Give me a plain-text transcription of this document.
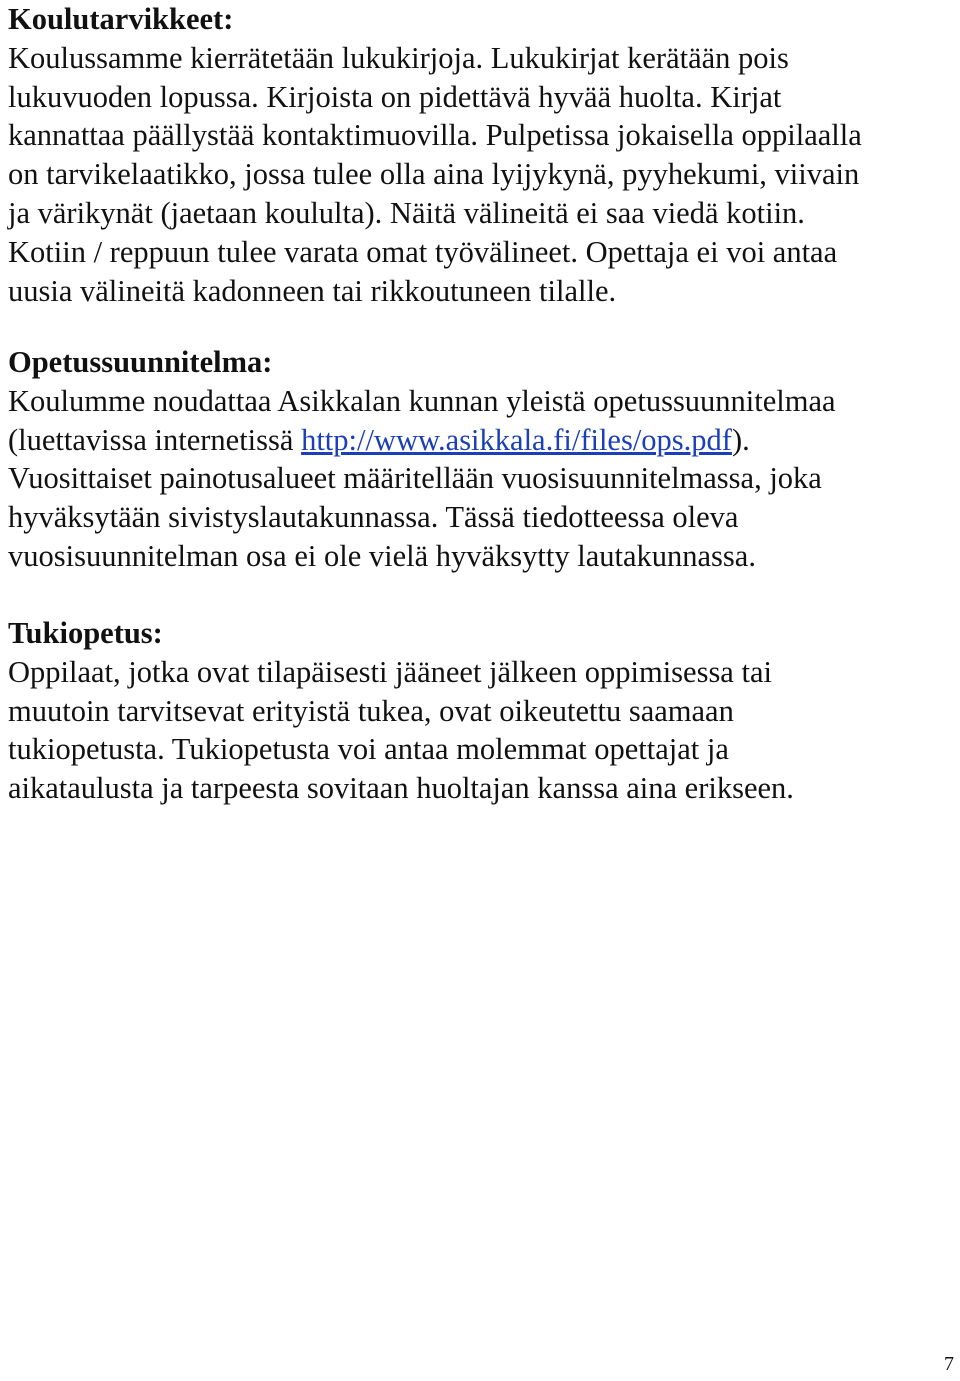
Koulutarvikkeet:
Koulussamme kierrätetään lukukirjoja. Lukukirjat kerätään pois
lukuvuoden lopussa. Kirjoista on pidettävä hyvää huolta. Kirjat
kannattaa päällystää kontaktimuovilla. Pulpetissa jokaisella oppilaalla
on tarvikelaatikko, jossa tulee olla aina lyijykynä, pyyhekumi, viivain
ja värikynät (jaetaan koululta). Näitä välineitä ei saa viedä kotiin.
Kotiin / reppuun tulee varata omat työvälineet. Opettaja ei voi antaa
uusia välineitä kadonneen tai rikkoutuneen tilalle.
Opetussuunnitelma:
Koulumme noudattaa Asikkalan kunnan yleistä opetussuunnitelmaa
(luettavissa internetissä http://www.asikkala.fi/files/ops.pdf).
Vuosittaiset painotusalueet määritellään vuosisuunnitelmassa, joka
hyväksytään sivistyslautakunnassa. Tässä tiedotteessa oleva
vuosisuunnitelman osa ei ole vielä hyväksytty lautakunnassa.
Tukiopetus:
Oppilaat, jotka ovat tilapäisesti jääneet jälkeen oppimisessa tai
muutoin tarvitsevat erityistä tukea, ovat oikeutettu saamaan
tukiopetusta. Tukiopetusta voi antaa molemmat opettajat ja
aikataulusta ja tarpeesta sovitaan huoltajan kanssa aina erikseen.
7
